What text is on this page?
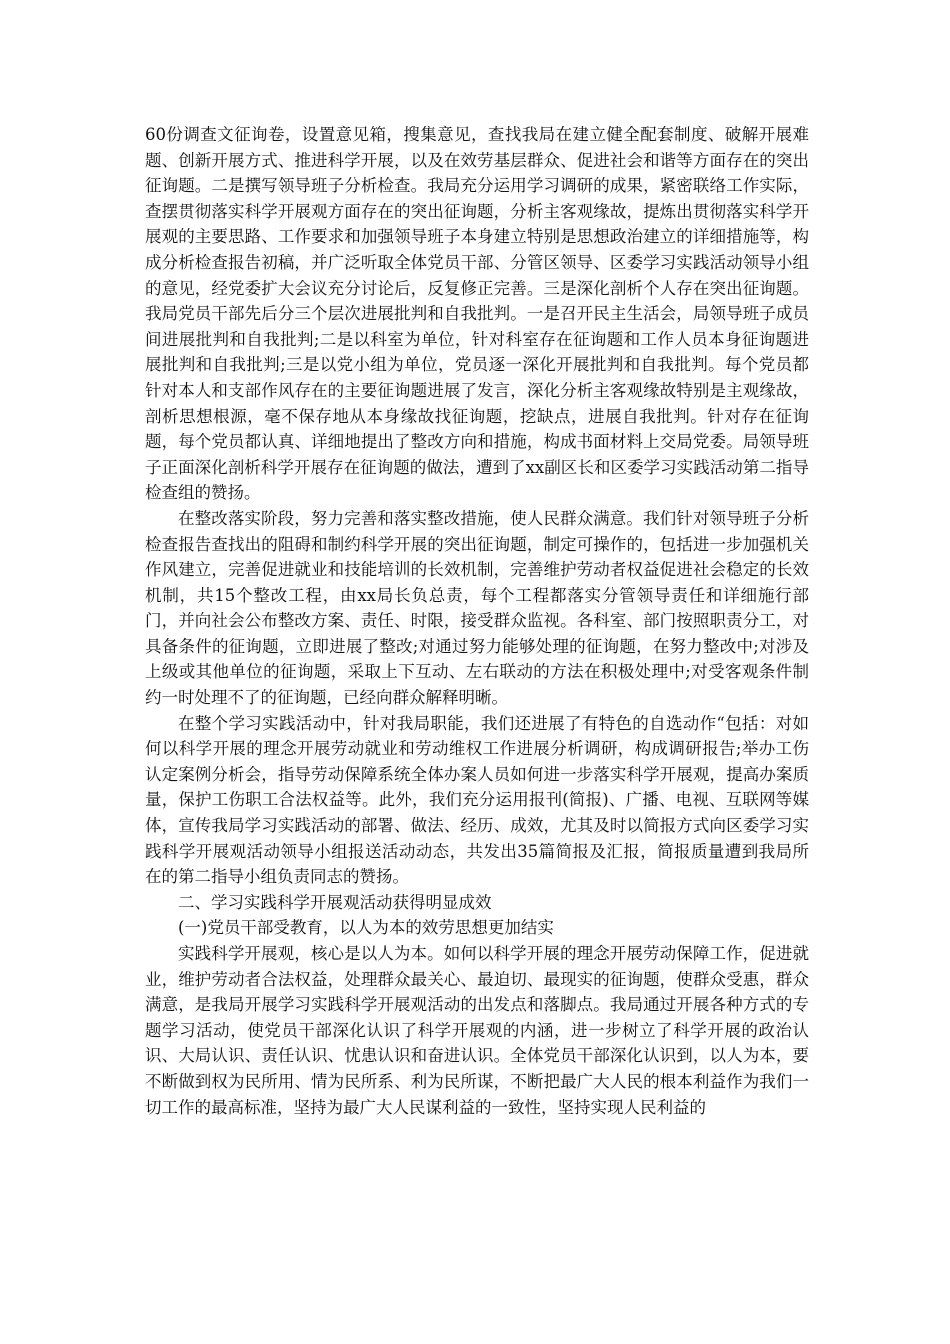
60份调查文征询卷，设置意见箱，搜集意见，查找我局在建立健全配套制度、破解开展难题、创新开展方式、推进科学开展，以及在效劳基层群众、促进社会和谐等方面存在的突出征询题。二是撰写领导班子分析检查。我局充分运用学习调研的成果，紧密联络工作实际，查摆贯彻落实科学开展观方面存在的突出征询题，分析主客观缘故，提炼出贯彻落实科学开展观的主要思路、工作要求和加强领导班子本身建立特别是思想政治建立的详细措施等，构成分析检查报告初稿，并广泛听取全体党员干部、分管区领导、区委学习实践活动领导小组的意见，经党委扩大会议充分讨论后，反复修正完善。三是深化剖析个人存在突出征询题。我局党员干部先后分三个层次进展批判和自我批判。一是召开民主生活会，局领导班子成员间进展批判和自我批判;二是以科室为单位，针对科室存在征询题和工作人员本身征询题进展批判和自我批判;三是以党小组为单位，党员逐一深化开展批判和自我批判。每个党员都针对本人和支部作风存在的主要征询题进展了发言，深化分析主客观缘故特别是主观缘故，剖析思想根源，毫不保存地从本身缘故找征询题，挖缺点，进展自我批判。针对存在征询题，每个党员都认真、详细地提出了整改方向和措施，构成书面材料上交局党委。局领导班子正面深化剖析科学开展存在征询题的做法，遭到了xx副区长和区委学习实践活动第二指导检查组的赞扬。

在整改落实阶段，努力完善和落实整改措施，使人民群众满意。我们针对领导班子分析检查报告查找出的阻碍和制约科学开展的突出征询题，制定可操作的，包括进一步加强机关作风建立，完善促进就业和技能培训的长效机制，完善维护劳动者权益促进社会稳定的长效机制，共15个整改工程，由xx局长负总责，每个工程都落实分管领导责任和详细施行部门，并向社会公布整改方案、责任、时限，接受群众监视。各科室、部门按照职责分工，对具备条件的征询题，立即进展了整改;对通过努力能够处理的征询题，在努力整改中;对涉及上级或其他单位的征询题，采取上下互动、左右联动的方法在积极处理中;对受客观条件制约一时处理不了的征询题，已经向群众解释明晰。

在整个学习实践活动中，针对我局职能，我们还进展了有特色的自选动作“包括：对如何以科学开展的理念开展劳动就业和劳动维权工作进展分析调研，构成调研报告;举办工伤认定案例分析会，指导劳动保障系统全体办案人员如何进一步落实科学开展观，提高办案质量，保护工伤职工合法权益等。此外，我们充分运用报刊(简报)、广播、电视、互联网等媒体，宣传我局学习实践活动的部署、做法、经历、成效，尤其及时以简报方式向区委学习实践科学开展观活动领导小组报送活动动态，共发出35篇简报及汇报，简报质量遭到我局所在的第二指导小组负责同志的赞扬。

二、学习实践科学开展观活动获得明显成效

(一)党员干部受教育，以人为本的效劳思想更加结实

实践科学开展观，核心是以人为本。如何以科学开展的理念开展劳动保障工作，促进就业，维护劳动者合法权益，处理群众最关心、最迫切、最现实的征询题，使群众受惠，群众满意，是我局开展学习实践科学开展观活动的出发点和落脚点。我局通过开展各种方式的专题学习活动，使党员干部深化认识了科学开展观的内涵，进一步树立了科学开展的政治认识、大局认识、责任认识、忧患认识和奋进认识。全体党员干部深化认识到，以人为本，要不断做到权为民所用、情为民所系、利为民所谋，不断把最广大人民的根本利益作为我们一切工作的最高标准，坚持为最广大人民谋利益的一致性，坚持实现人民利益的
